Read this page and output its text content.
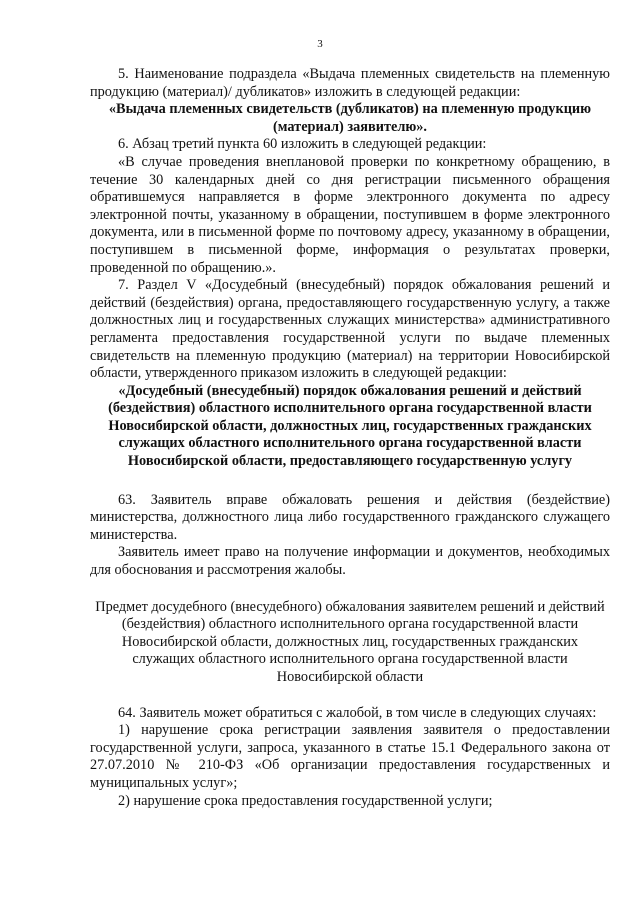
3

5. Наименование подраздела «Выдача племенных свидетельств на племенную продукцию (материал)/ дубликатов» изложить в следующей редакции:

«Выдача племенных свидетельств (дубликатов) на племенную продукцию (материал) заявителю».

6. Абзац третий пункта 60 изложить в следующей редакции:

«В случае проведения внеплановой проверки по конкретному обращению, в течение 30 календарных дней со дня регистрации письменного обращения обратившемуся направляется в форме электронного документа по адресу электронной почты, указанному в обращении, поступившем в форме электронного документа, или в письменной форме по почтовому адресу, указанному в обращении, поступившем в письменной форме, информация о результатах проверки, проведенной по обращению.».

7. Раздел V «Досудебный (внесудебный) порядок обжалования решений и действий (бездействия) органа, предоставляющего государственную услугу, а также должностных лиц и государственных служащих министерства» административного регламента предоставления государственной услуги по выдаче племенных свидетельств на племенную продукцию (материал) на территории Новосибирской области, утвержденного приказом изложить в следующей редакции:

«Досудебный (внесудебный) порядок обжалования решений и действий (бездействия) областного исполнительного органа государственной власти Новосибирской области, должностных лиц, государственных гражданских служащих областного исполнительного органа государственной власти Новосибирской области, предоставляющего государственную услугу

63. Заявитель вправе обжаловать решения и действия (бездействие) министерства, должностного лица либо государственного гражданского служащего министерства.

Заявитель имеет право на получение информации и документов, необходимых для обоснования и рассмотрения жалобы.

Предмет досудебного (внесудебного) обжалования заявителем решений и действий (бездействия) областного исполнительного органа государственной власти Новосибирской области, должностных лиц, государственных гражданских служащих областного исполнительного органа государственной власти Новосибирской области

64. Заявитель может обратиться с жалобой, в том числе в следующих случаях:

1) нарушение срока регистрации заявления заявителя о предоставлении государственной услуги, запроса, указанного в статье 15.1 Федерального закона от 27.07.2010 № 210-ФЗ «Об организации предоставления государственных и муниципальных услуг»;

2) нарушение срока предоставления государственной услуги;
